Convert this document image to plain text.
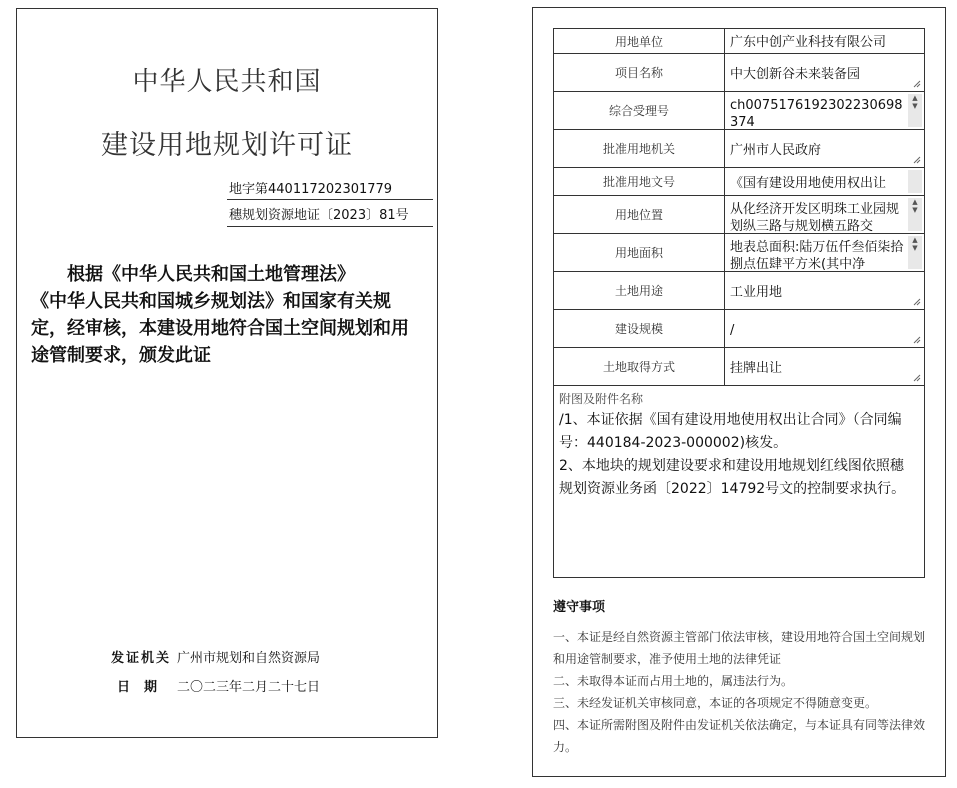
中华人民共和国
建设用地规划许可证
地字第440117202301779
穗规划资源地证〔2023〕81号
根据《中华人民共和国土地管理法》
《中华人民共和国城乡规划法》和国家有关规定，经审核，本建设用地符合国土空间规划和用途管制要求，颁发此证
发证机关 广州市规划和自然资源局
日期 二〇二三年二月二十七日
用地单位	广东中创产业科技有限公司

项目名称	中大创新谷未来装备园

综合受理号	ch0075176192302230698374
▲
▼

批准用地机关	广州市人民政府

批准用地文号	《国有建设用地使用权出让

用地位置	从化经济开发区明珠工业园规划纵三路与规划横五路交
▲
▼

用地面积	地表总面积:陆万伍仟叁佰柒拾捌点伍肆平方米(其中净
▲
▼

土地用途	工业用地

建设规模	/

土地取得方式	挂牌出让
附图及附件名称
/1、本证依据《国有建设用地使用权出让合同》（合同编号：440184-2023-000002)核发。
2、本地块的规划建设要求和建设用地规划红线图依照穗规划资源业务函〔2022〕14792号文的控制要求执行。
遵守事项
一、本证是经自然资源主管部门依法审核，建设用地符合国土空间规划和用途管制要求，准予使用土地的法律凭证
二、未取得本证而占用土地的，属违法行为。
三、未经发证机关审核同意，本证的各项规定不得随意变更。
四、本证所需附图及附件由发证机关依法确定，与本证具有同等法律效力。
